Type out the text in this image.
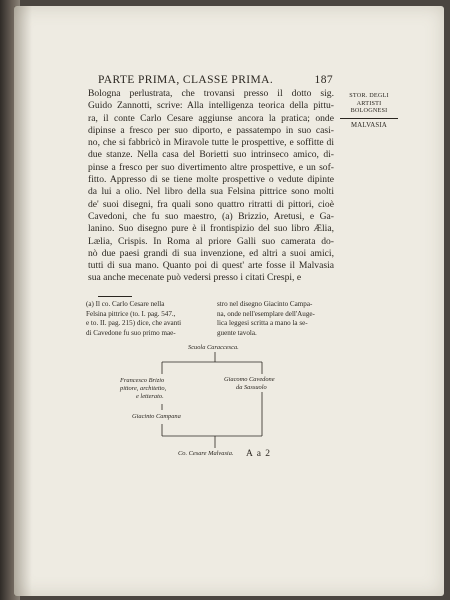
PARTE PRIMA, CLASSE PRIMA.	187
STOR. DEGLI
ARTISTI
BOLOGNESI
MALVASIA
Bologna perlustrata, che trovansi presso il dotto sig.
Guido Zannotti, scrive: Alla intelligenza teorica della pittu-
ra, il conte Carlo Cesare aggiunse ancora la pratica; onde
dipinse a fresco per suo diporto, e passatempo in suo casi-
no, che si fabbricò in Miravole tutte le prospettive, e soffitte di
due stanze. Nella casa del Borietti suo intrinseco amico, di-
pinse a fresco per suo divertimento altre prospettive, e un sof-
fitto. Appresso di se tiene molte prospettive o vedute dipinte
da lui a olio. Nel libro della sua Felsina pittrice sono molti
de' suoi disegni, fra quali sono quattro ritratti di pittori, cioè
Cavedoni, che fu suo maestro, (a) Brizzio, Aretusi, e Ga-
lanino. Suo disegno pure è il frontispizio del suo libro Ælia,
Lælia, Crispis. In Roma al priore Galli suo camerata do-
nò due paesi grandi di sua invenzione, ed altri a suoi amici,
tutti di sua mano. Quanto poi di quest' arte fosse il Malvasia
sua anche mecenate può vedersi presso i citati Crespi, e
(a) Il co. Carlo Cesare nella
Felsina pittrice (to. I. pag. 547.,
e to. II. pag. 215) dice, che avanti
di Cavedone fu suo primo mae-
stro nel disegno Giacinto Campa-
na, onde nell'esemplare dell'Auge-
lica leggesi scritta a mano la se-
guente tavola.
Scuola Caraccesca.
Francesco Brizio
pittore, architetto,
e letterato.
Giacomo Cavedone
da Sassuolo
Giacinto Campana
Co. Cesare Malvasia. A a 2
